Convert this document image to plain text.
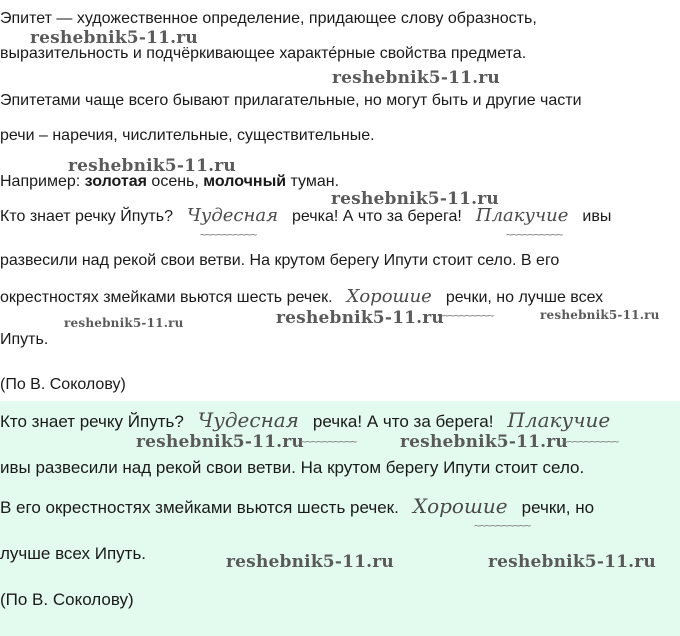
Эпитет — художественное определение, придающее слову образность,
выразительность и подчёркивающее характе́рные свойства предмета.
Эпитетами чаще всего бывают прилагательные, но могут быть и другие части
речи – наречия, числительные, существительные.
Например: золотая осень, молочный туман.
Кто знает речку Йпуть? Чудесная речка! А что за берега! Плакучие ивы
~~~~~~~~~~	~~~~~~~~~~
развесили над рекой свои ветви. На крутом берегу Ипути стоит село. В его
окрестностях змейками вьются шесть речек. Хорошие речки, но лучше всех
~~~~~~~~~~
Ипуть.
(По В. Соколову)
reshebnik5-11.ru
reshebnik5-11.ru
reshebnik5-11.ru
reshebnik5-11.ru
reshebnik5-11.ru	reshebnik5-11.ru	reshebnik5-11.ru
Кто знает речку Йпуть? Чудесная речка! А что за берега! Плакучие
reshebnik5-11.ru
~~~~~~~~~~	reshebnik5-11.ru
~~~~~~~~~~
ивы развесили над рекой свои ветви. На крутом берегу Ипути стоит село.
В его окрестностях змейками вьются шесть речек. Хорошие речки, но
~~~~~~~~~~
лучше всех Ипуть.	reshebnik5-11.ru	reshebnik5-11.ru
(По В. Соколову)
